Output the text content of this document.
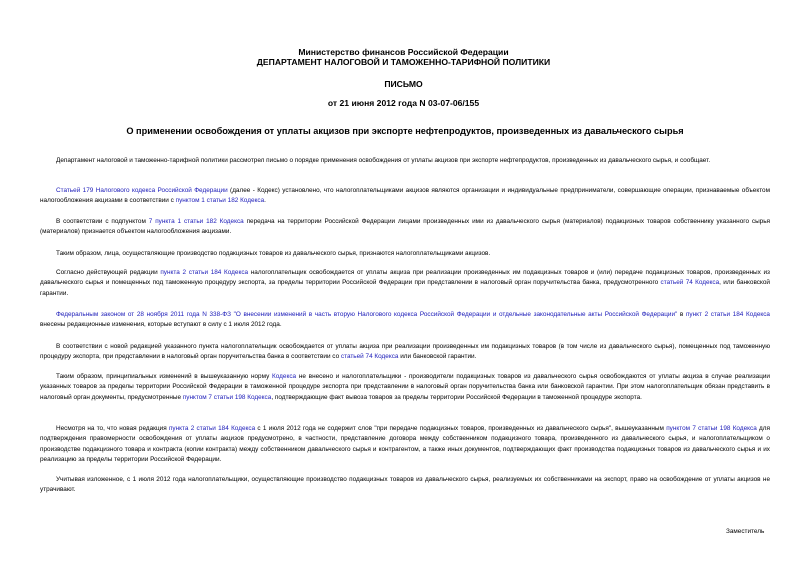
Министерство финансов Российской Федерации
ДЕПАРТАМЕНТ НАЛОГОВОЙ И ТАМОЖЕННО-ТАРИФНОЙ ПОЛИТИКИ
ПИСЬМО
от 21 июня 2012 года N 03-07-06/155
О применении освобождения от уплаты акцизов при экспорте нефтепродуктов, произведенных из давальческого сырья

Департамент налоговой и таможенно-тарифной политики рассмотрел письмо о порядке применения освобождения от уплаты акцизов при экспорте нефтепродуктов, произведенных из давальческого сырья, и сообщает.

Статьей 179 Налогового кодекса Российской Федерации (далее - Кодекс) установлено, что налогоплательщиками акцизов являются организации и индивидуальные предприниматели, совершающие операции, признаваемые объектом налогообложения акцизами в соответствии с пунктом 1 статьи 182 Кодекса.

В соответствии с подпунктом 7 пункта 1 статьи 182 Кодекса передача на территории Российской Федерации лицами произведенных ими из давальческого сырья (материалов) подакцизных товаров собственнику указанного сырья (материалов) признается объектом налогообложения акцизами.

Таким образом, лица, осуществляющие производство подакцизных товаров из давальческого сырья, признаются налогоплательщиками акцизов.

Согласно действующей редакции пункта 2 статьи 184 Кодекса налогоплательщик освобождается от уплаты акциза при реализации произведенных им подакцизных товаров и (или) передаче подакцизных товаров, произведенных из давальческого сырья и помещенных под таможенную процедуру экспорта, за пределы территории Российской Федерации при представлении в налоговый орган поручительства банка, предусмотренного статьей 74 Кодекса, или банковской гарантии.

Федеральным законом от 28 ноября 2011 года N 338-ФЗ "О внесении изменений в часть вторую Налогового кодекса Российской Федерации и отдельные законодательные акты Российской Федерации" в пункт 2 статьи 184 Кодекса внесены редакционные изменения, которые вступают в силу с 1 июля 2012 года.

В соответствии с новой редакцией указанного пункта налогоплательщик освобождается от уплаты акциза при реализации произведенных им подакцизных товаров (в том числе из давальческого сырья), помещенных под таможенную процедуру экспорта, при представлении в налоговый орган поручительства банка в соответствии со статьей 74 Кодекса или банковской гарантии.

Таким образом, принципиальных изменений в вышеуказанную норму Кодекса не внесено и налогоплательщики - производители подакцизных товаров из давальческого сырья освобождаются от уплаты акциза в случае реализации указанных товаров за пределы территории Российской Федерации в таможенной процедуре экспорта при представлении в налоговый орган поручительства банка или банковской гарантии. При этом налогоплательщик обязан представить в налоговый орган документы, предусмотренные пунктом 7 статьи 198 Кодекса, подтверждающие факт вывоза товаров за пределы территории Российской Федерации в таможенной процедуре экспорта.

Несмотря на то, что новая редакция пункта 2 статьи 184 Кодекса с 1 июля 2012 года не содержит слов "при передаче подакцизных товаров, произведенных из давальческого сырья", вышеуказанным пунктом 7 статьи 198 Кодекса для подтверждения правомерности освобождения от уплаты акцизов предусмотрено, в частности, представление договора между собственником подакцизного товара, произведенного из давальческого сырья, и налогоплательщиком о производстве подакцизного товара и контракта (копии контракта) между собственником давальческого сырья и контрагентом, а также иных документов, подтверждающих факт производства подакцизных товаров из давальческого сырья и их реализацию за пределы территории Российской Федерации.

Учитывая изложенное, с 1 июля 2012 года налогоплательщики, осуществляющие производство подакцизных товаров из давальческого сырья, реализуемых их собственниками на экспорт, право на освобождение от уплаты акцизов не утрачивают.

Заместитель
